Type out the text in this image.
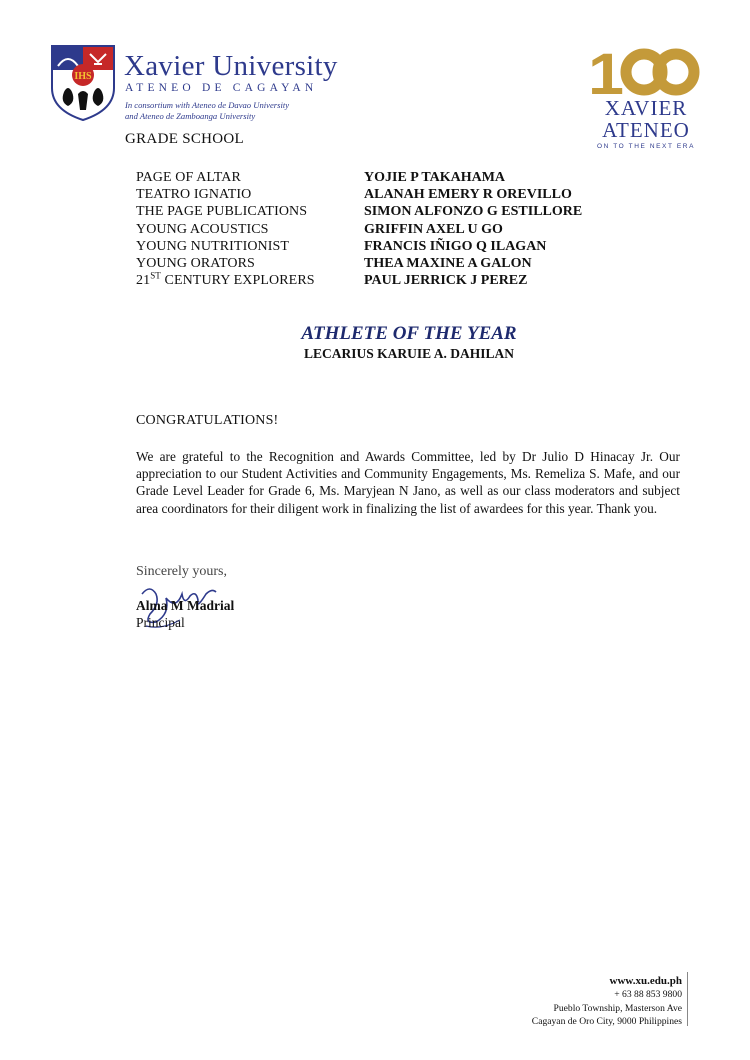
IHS Xavier University
ATENEO DE CAGAYAN
In consortium with Ateneo de Davao University
and Ateneo de Zamboanga University
GRADE SCHOOL
1
XAVIER
ATENEO
ON TO THE NEXT ERA
PAGE OF ALTAR	YOJIE P TAKAHAMA
TEATRO IGNATIO	ALANAH EMERY R OREVILLO
THE PAGE PUBLICATIONS	SIMON ALFONZO G ESTILLORE
YOUNG ACOUSTICS	GRIFFIN AXEL U GO
YOUNG NUTRITIONIST	FRANCIS IÑIGO Q ILAGAN
YOUNG ORATORS	THEA MAXINE A GALON
21ST CENTURY EXPLORERS	PAUL JERRICK J PEREZ
ATHLETE OF THE YEAR
LECARIUS KARUIE A. DAHILAN
CONGRATULATIONS!
We are grateful to the Recognition and Awards Committee, led by Dr Julio D Hinacay Jr. Our appreciation to our Student Activities and Community Engagements, Ms. Remeliza S. Mafe, and our Grade Level Leader for Grade 6, Ms. Maryjean N Jano, as well as our class moderators and subject area coordinators for their diligent work in finalizing the list of awardees for this year. Thank you.
Sincerely yours,
Alma M Madrial
Principal
www.xu.edu.ph
+ 63 88 853 9800
Pueblo Township, Masterson Ave
Cagayan de Oro City, 9000 Philippines
